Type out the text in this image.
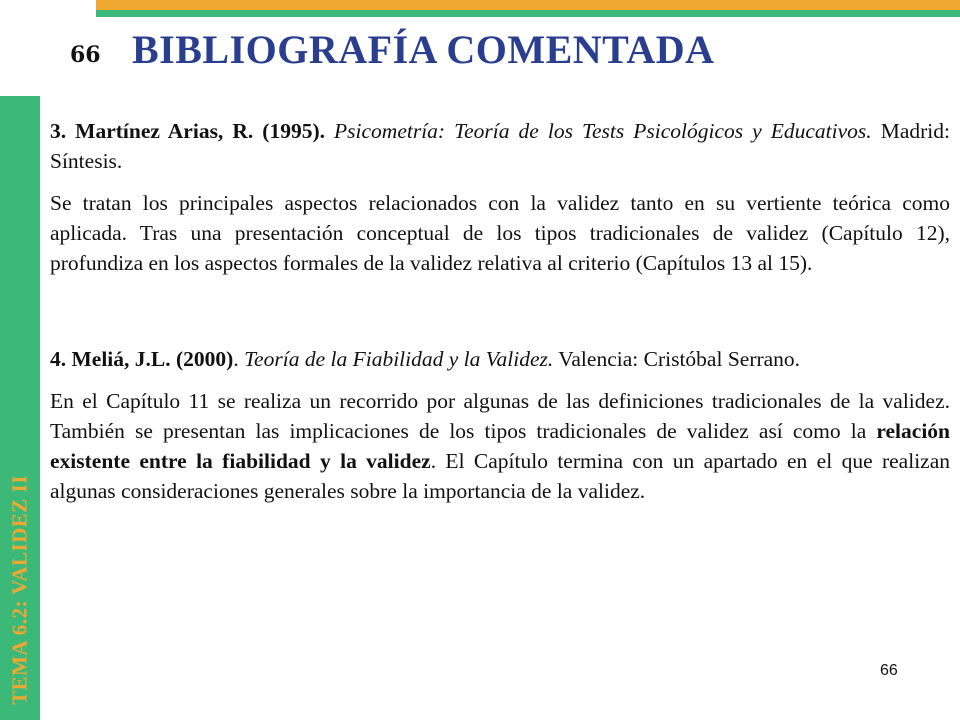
TEMA 6.2: VALIDEZ II
66 BIBLIOGRAFÍA COMENTADA

3. Martínez Arias, R. (1995). Psicometría: Teoría de los Tests Psicológicos y Educativos. Madrid: Síntesis.

Se tratan los principales aspectos relacionados con la validez tanto en su vertiente teórica como aplicada. Tras una presentación conceptual de los tipos tradicionales de validez (Capítulo 12), profundiza en los aspectos formales de la validez relativa al criterio (Capítulos 13 al 15).

4. Meliá, J.L. (2000). Teoría de la Fiabilidad y la Validez. Valencia: Cristóbal Serrano.

En el Capítulo 11 se realiza un recorrido por algunas de las definiciones tradicionales de la validez. También se presentan las implicaciones de los tipos tradicionales de validez así como la relación existente entre la fiabilidad y la validez. El Capítulo termina con un apartado en el que realizan algunas consideraciones generales sobre la importancia de la validez.

66
